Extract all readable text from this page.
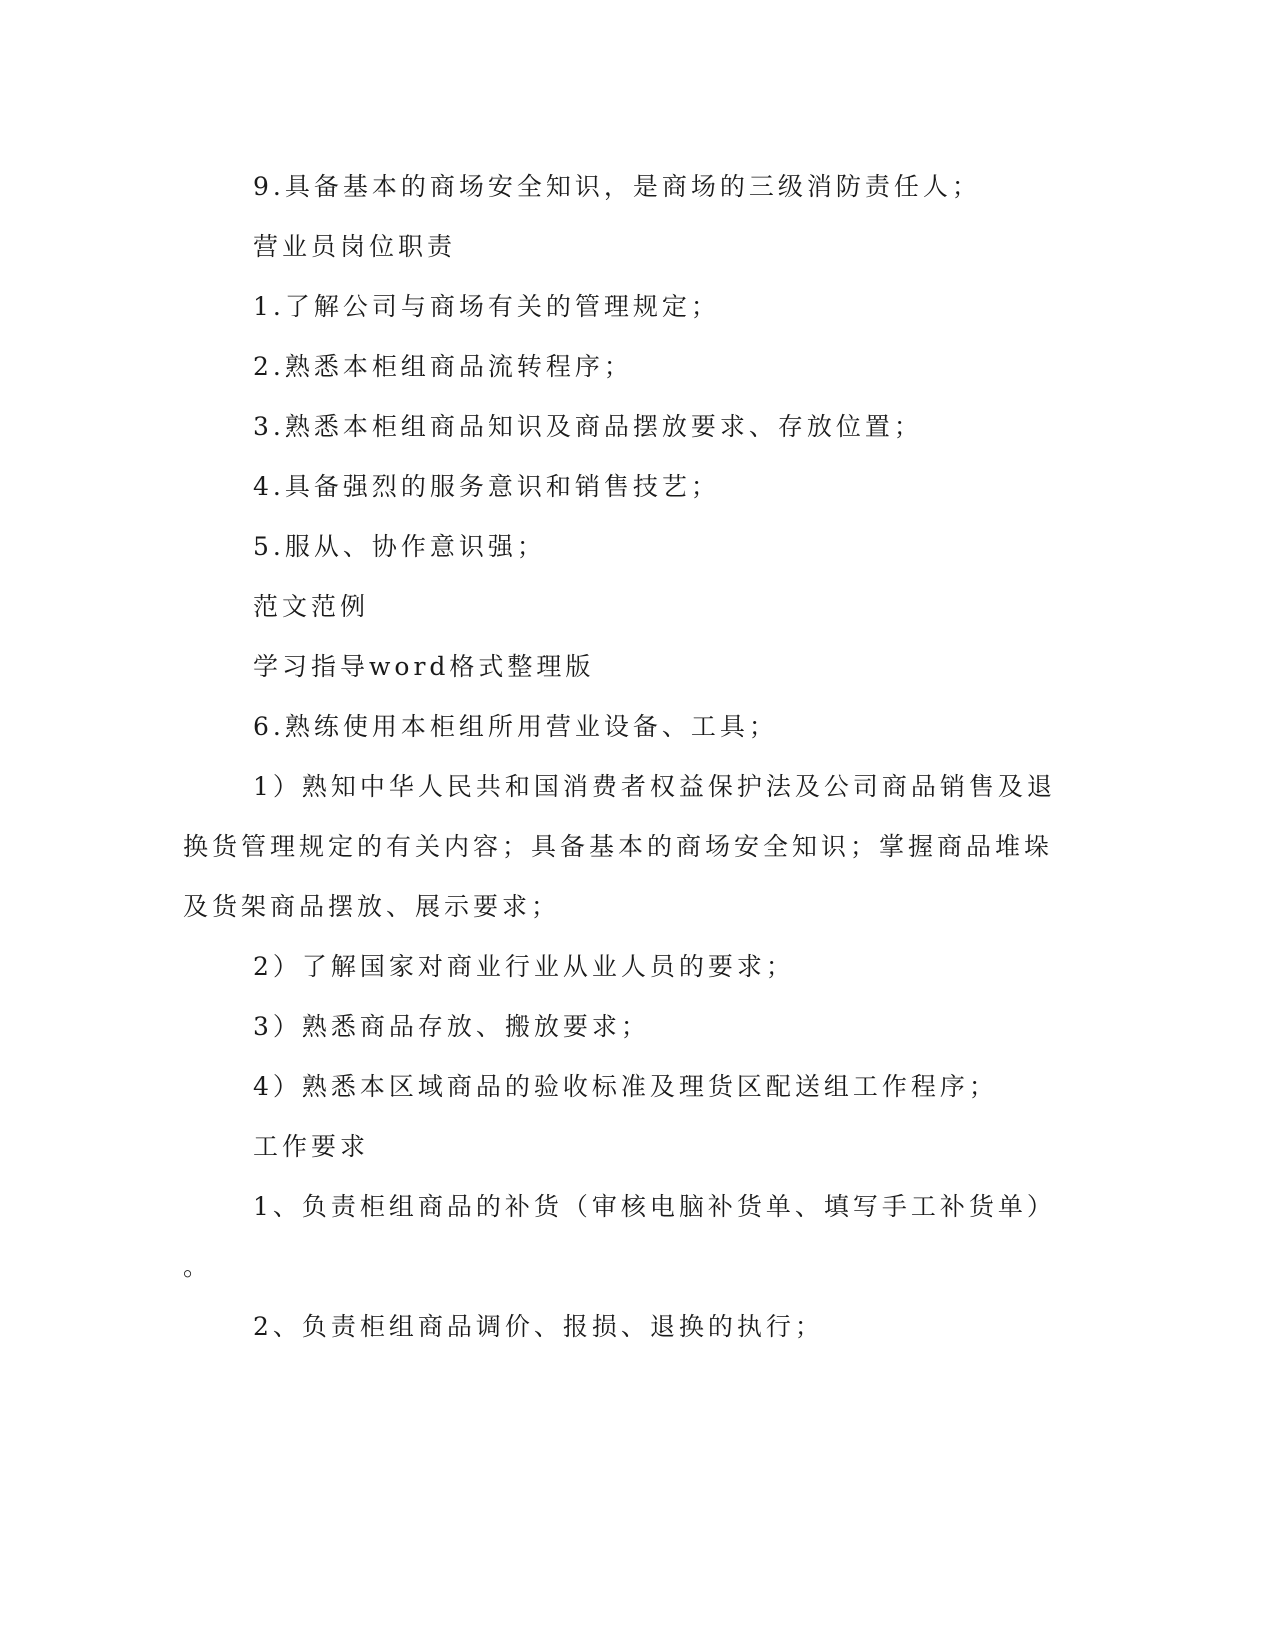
9.具备基本的商场安全知识，是商场的三级消防责任人；

营业员岗位职责

1.了解公司与商场有关的管理规定；

2.熟悉本柜组商品流转程序；

3.熟悉本柜组商品知识及商品摆放要求、存放位置；

4.具备强烈的服务意识和销售技艺；

5.服从、协作意识强；

范文范例

学习指导word格式整理版

6.熟练使用本柜组所用营业设备、工具；

1）熟知中华人民共和国消费者权益保护法及公司商品销售及退

换货管理规定的有关内容；具备基本的商场安全知识；掌握商品堆垛

及货架商品摆放、展示要求；

2）了解国家对商业行业从业人员的要求；

3）熟悉商品存放、搬放要求；

4）熟悉本区域商品的验收标准及理货区配送组工作程序；

工作要求

1、负责柜组商品的补货（审核电脑补货单、填写手工补货单）

。

2、负责柜组商品调价、报损、退换的执行；
